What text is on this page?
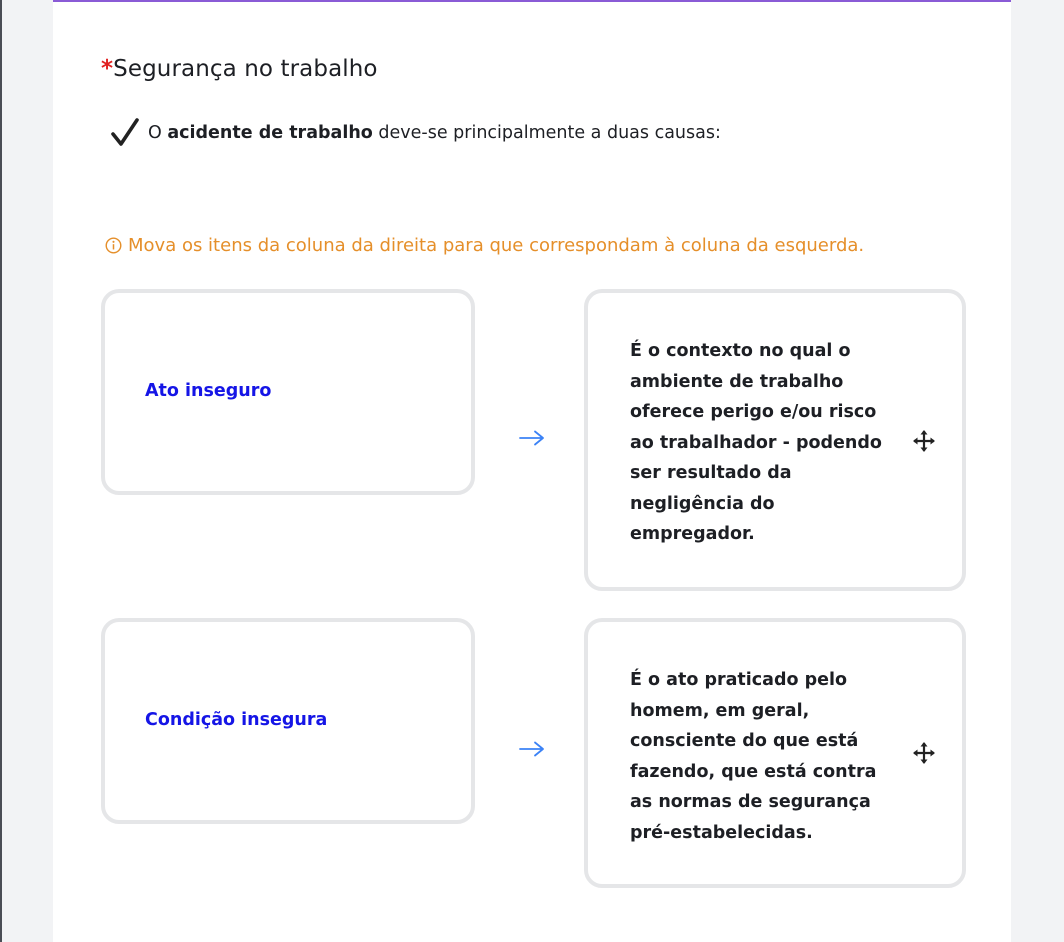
*Segurança no trabalho
O acidente de trabalho deve-se principalmente a duas causas:
Mova os itens da coluna da direita para que correspondam à coluna da esquerda.
Ato inseguro
É o contexto no qual o ambiente de trabalho oferece perigo e/ou risco ao trabalhador - podendo ser resultado da negligência do empregador.
Condição insegura
É o ato praticado pelo homem, em geral, consciente do que está fazendo, que está contra as normas de segurança pré-estabelecidas.
